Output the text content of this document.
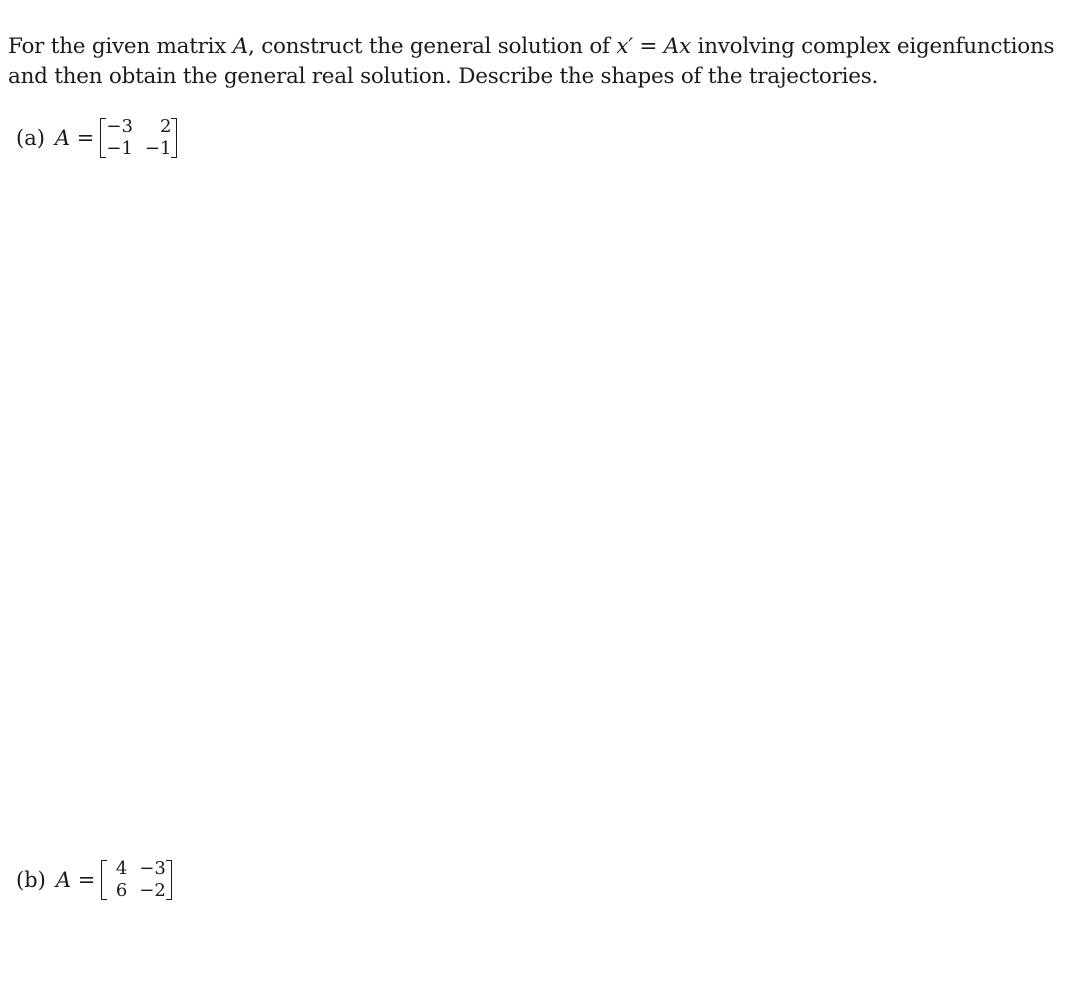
For the given matrix A, construct the general solution of x′ = Ax involving complex eigenfunctions
and then obtain the general real solution. Describe the shapes of the trajectories.
(a) A = −3	2
−1 −1
(b) A =	4 −3
6 −2
